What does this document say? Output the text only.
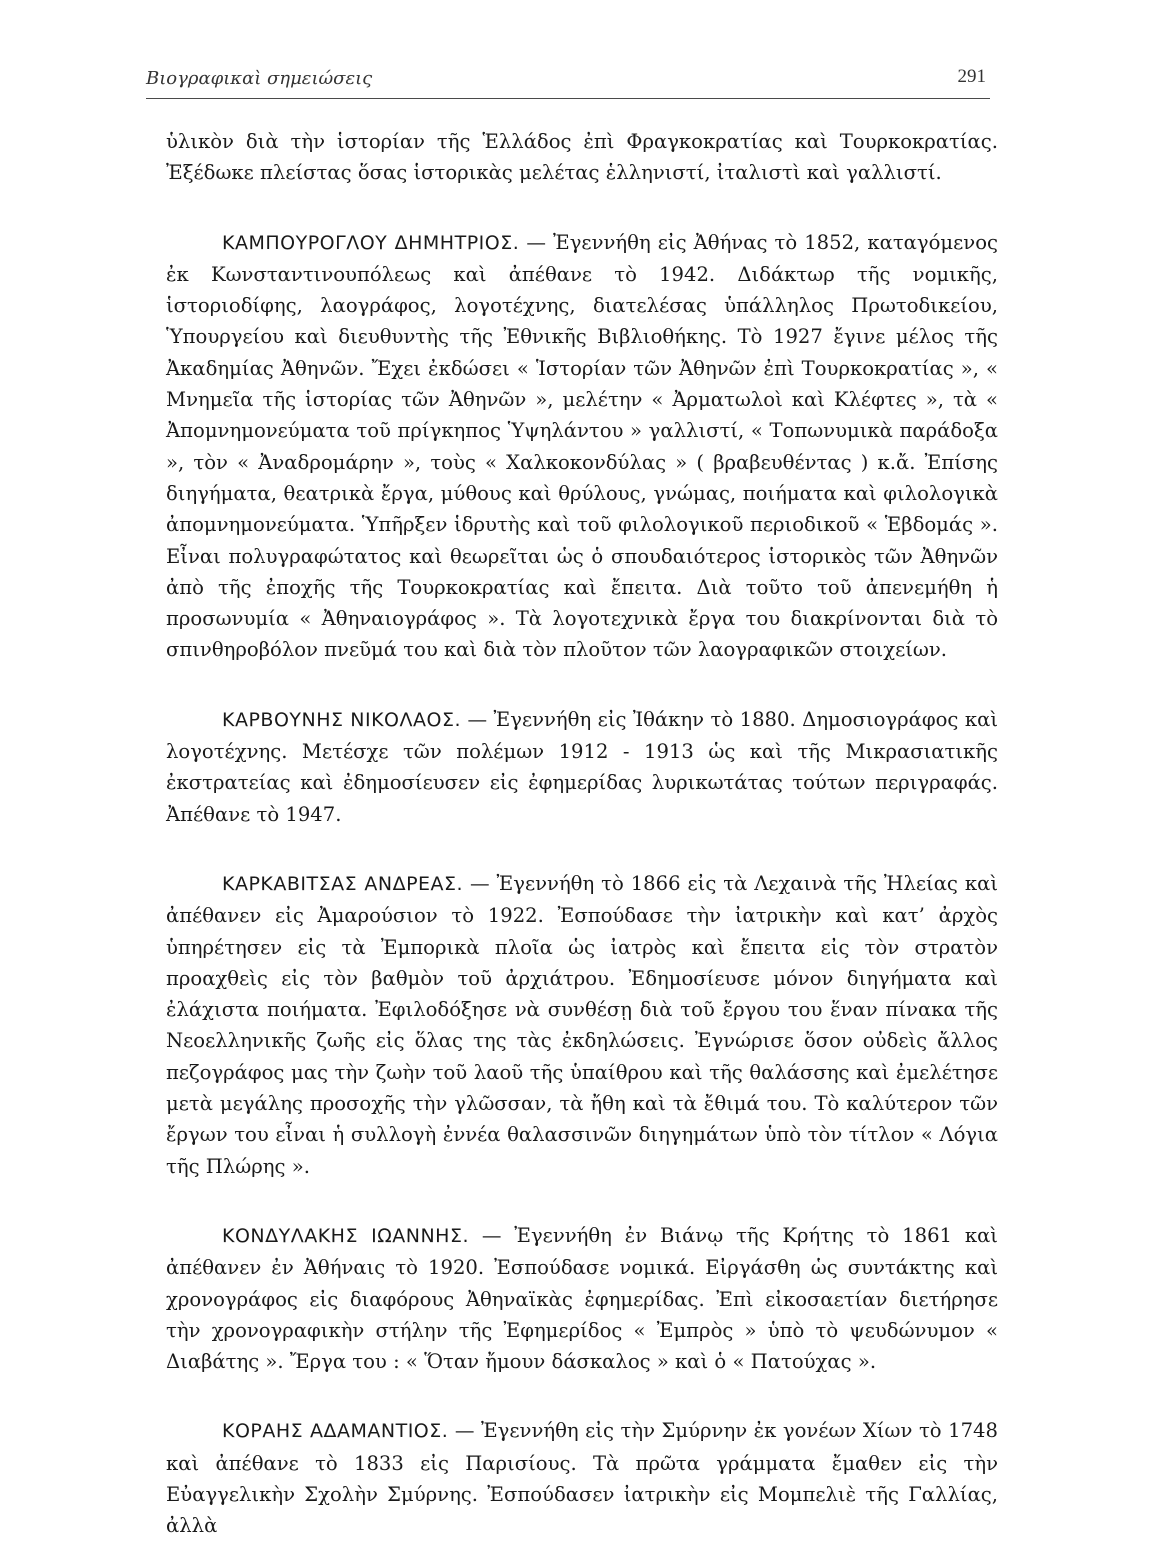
Βιογραφικαὶ σημειώσεις	291

ὑλικὸν διὰ τὴν ἱστορίαν τῆς Ἑλλάδος ἐπὶ Φραγκοκρατίας καὶ Τουρκοκρατίας. Ἐξέδωκε πλείστας ὅσας ἱστορικὰς μελέτας ἑλληνιστί, ἰταλιστὶ καὶ γαλλιστί.

ΚΑΜΠΟΥΡΟΓΛΟΥ ΔΗΜΗΤΡΙΟΣ. — Ἐγεννήθη εἰς Ἀθήνας τὸ 1852, καταγόμενος ἐκ Κωνσταντινουπόλεως καὶ ἀπέθανε τὸ 1942. Διδάκτωρ τῆς νομικῆς, ἱστοριοδίφης, λαογράφος, λογοτέχνης, διατελέσας ὑπάλληλος Πρωτοδικείου, Ὑπουργείου καὶ διευθυντὴς τῆς Ἐθνικῆς Βιβλιοθήκης. Τὸ 1927 ἔγινε μέλος τῆς Ἀκαδημίας Ἀθηνῶν. Ἔχει ἐκδώσει « Ἱστορίαν τῶν Ἀθηνῶν ἐπὶ Τουρκοκρατίας », « Μνημεῖα τῆς ἱστορίας τῶν Ἀθηνῶν », μελέτην « Ἀρματωλοὶ καὶ Κλέφτες », τὰ « Ἀπομνημονεύματα τοῦ πρίγκηπος Ὑψηλάντου » γαλλιστί, « Τοπωνυμικὰ παράδοξα », τὸν « Ἀναδρομάρην », τοὺς « Χαλκοκονδύλας » ( βραβευθέντας ) κ.ἄ. Ἐπίσης διηγήματα, θεατρικὰ ἔργα, μύθους καὶ θρύλους, γνώμας, ποιήματα καὶ φιλολογικὰ ἀπομνημονεύματα. Ὑπῆρξεν ἱδρυτὴς καὶ τοῦ φιλολογικοῦ περιοδικοῦ « Ἑβδομάς ». Εἶναι πολυγραφώτατος καὶ θεωρεῖται ὡς ὁ σπουδαιότερος ἱστορικὸς τῶν Ἀθηνῶν ἀπὸ τῆς ἐποχῆς τῆς Τουρκοκρατίας καὶ ἔπειτα. Διὰ τοῦτο τοῦ ἀπενεμήθη ἡ προσωνυμία « Ἀθηναιογράφος ». Τὰ λογοτεχνικὰ ἔργα του διακρίνονται διὰ τὸ σπινθηροβόλον πνεῦμά του καὶ διὰ τὸν πλοῦτον τῶν λαογραφικῶν στοιχείων.

ΚΑΡΒΟΥΝΗΣ ΝΙΚΟΛΑΟΣ. — Ἐγεννήθη εἰς Ἰθάκην τὸ 1880. Δημοσιογράφος καὶ λογοτέχνης. Μετέσχε τῶν πολέμων 1912 - 1913 ὡς καὶ τῆς Μικρασιατικῆς ἐκστρατείας καὶ ἐδημοσίευσεν εἰς ἐφημερίδας λυρικωτάτας τούτων περιγραφάς. Ἀπέθανε τὸ 1947.

ΚΑΡΚΑΒΙΤΣΑΣ ΑΝΔΡΕΑΣ. — Ἐγεννήθη τὸ 1866 εἰς τὰ Λεχαινὰ τῆς Ἠλείας καὶ ἀπέθανεν εἰς Ἀμαρούσιον τὸ 1922. Ἐσπούδασε τὴν ἰατρικὴν καὶ κατ’ ἀρχὸς ὑπηρέτησεν εἰς τὰ Ἐμπορικὰ πλοῖα ὡς ἰατρὸς καὶ ἔπειτα εἰς τὸν στρατὸν προαχθεὶς εἰς τὸν βαθμὸν τοῦ ἀρχιάτρου. Ἐδημοσίευσε μόνον διηγήματα καὶ ἐλάχιστα ποιήματα. Ἐφιλοδόξησε νὰ συνθέσῃ διὰ τοῦ ἔργου του ἕναν πίνακα τῆς Νεοελληνικῆς ζωῆς εἰς ὅλας της τὰς ἐκδηλώσεις. Ἐγνώρισε ὅσον οὐδεὶς ἄλλος πεζογράφος μας τὴν ζωὴν τοῦ λαοῦ τῆς ὑπαίθρου καὶ τῆς θαλάσσης καὶ ἐμελέτησε μετὰ μεγάλης προσοχῆς τὴν γλῶσσαν, τὰ ἤθη καὶ τὰ ἔθιμά του. Τὸ καλύτερον τῶν ἔργων του εἶναι ἡ συλλογὴ ἐννέα θαλασσινῶν διηγημάτων ὑπὸ τὸν τίτλον « Λόγια τῆς Πλώρης ».

ΚΟΝΔΥΛΑΚΗΣ ΙΩΑΝΝΗΣ. — Ἐγεννήθη ἐν Βιάνῳ τῆς Κρήτης τὸ 1861 καὶ ἀπέθανεν ἐν Ἀθήναις τὸ 1920. Ἐσπούδασε νομικά. Εἰργάσθη ὡς συντάκτης καὶ χρονογράφος εἰς διαφόρους Ἀθηναϊκὰς ἐφημερίδας. Ἐπὶ εἰκοσαετίαν διετήρησε τὴν χρονογραφικὴν στήλην τῆς Ἐφημερίδος « Ἐμπρὸς » ὑπὸ τὸ ψευδώνυμον « Διαβάτης ». Ἔργα του : « Ὅταν ἤμουν δάσκαλος » καὶ ὁ « Πατούχας ».

ΚΟΡΑΗΣ ΑΔΑΜΑΝΤΙΟΣ. — Ἐγεννήθη εἰς τὴν Σμύρνην ἐκ γονέων Χίων τὸ 1748 καὶ ἀπέθανε τὸ 1833 εἰς Παρισίους. Τὰ πρῶτα γράμματα ἔμαθεν εἰς τὴν Εὐαγγελικὴν Σχολὴν Σμύρνης. Ἐσπούδασεν ἰατρικὴν εἰς Μομπελιὲ τῆς Γαλλίας, ἀλλὰ
